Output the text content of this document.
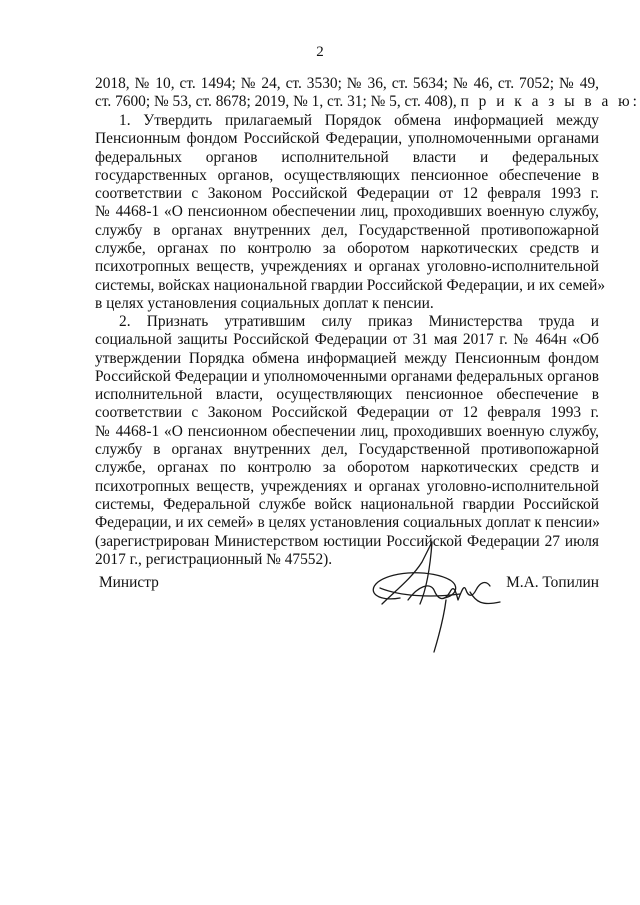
2
2018, № 10, ст. 1494; № 24, ст. 3530; № 36, ст. 5634; № 46, ст. 7052; № 49,
ст. 7600; № 53, ст. 8678; 2019, № 1, ст. 31; № 5, ст. 408), п р и к а з ы в а ю:
1. Утвердить прилагаемый Порядок обмена информацией между
Пенсионным фондом Российской Федерации, уполномоченными органами
федеральных органов исполнительной власти и федеральных
государственных органов, осуществляющих пенсионное обеспечение в
соответствии с Законом Российской Федерации от 12 февраля 1993 г.
№ 4468-1 «О пенсионном обеспечении лиц, проходивших военную службу,
службу в органах внутренних дел, Государственной противопожарной
службе, органах по контролю за оборотом наркотических средств и
психотропных веществ, учреждениях и органах уголовно-исполнительной
системы, войсках национальной гвардии Российской Федерации, и их семей»
в целях установления социальных доплат к пенсии.
2. Признать утратившим силу приказ Министерства труда и
социальной защиты Российской Федерации от 31 мая 2017 г. № 464н «Об
утверждении Порядка обмена информацией между Пенсионным фондом
Российской Федерации и уполномоченными органами федеральных органов
исполнительной власти, осуществляющих пенсионное обеспечение в
соответствии с Законом Российской Федерации от 12 февраля 1993 г.
№ 4468-1 «О пенсионном обеспечении лиц, проходивших военную службу,
службу в органах внутренних дел, Государственной противопожарной
службе, органах по контролю за оборотом наркотических средств и
психотропных веществ, учреждениях и органах уголовно-исполнительной
системы, Федеральной службе войск национальной гвардии Российской
Федерации, и их семей» в целях установления социальных доплат к пенсии»
(зарегистрирован Министерством юстиции Российской Федерации 27 июля
2017 г., регистрационный № 47552).
Министр	М.А. Топилин
